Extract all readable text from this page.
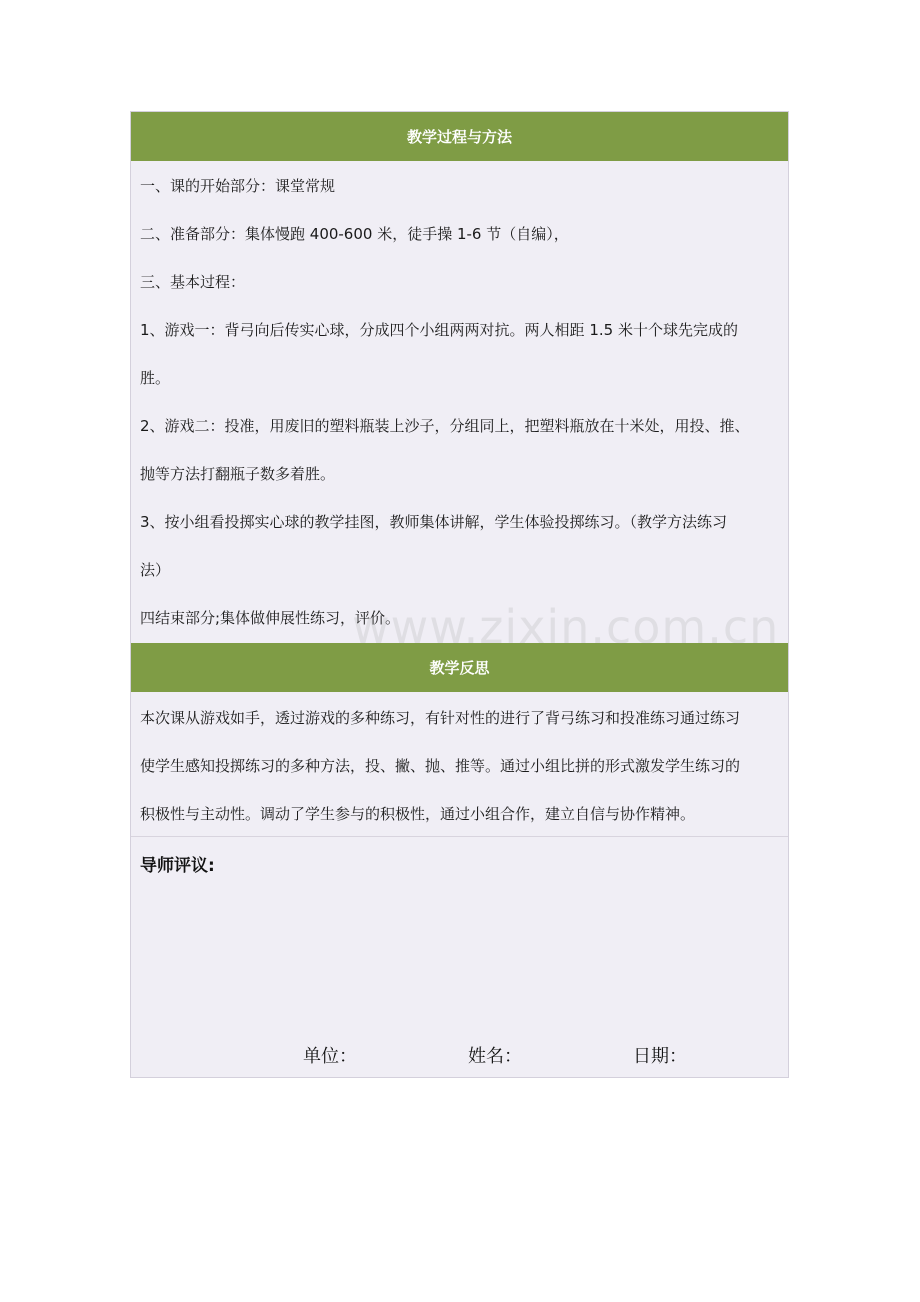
教学过程与方法
一、课的开始部分：课堂常规
二、准备部分：集体慢跑 400-600 米，徒手操 1-6 节（自编），
三、基本过程：
1、游戏一：背弓向后传实心球，分成四个小组两两对抗。两人相距 1.5 米十个球先完成的
胜。
2、游戏二：投准，用废旧的塑料瓶装上沙子，分组同上，把塑料瓶放在十米处，用投、推、
抛等方法打翻瓶子数多着胜。
3、按小组看投掷实心球的教学挂图，教师集体讲解，学生体验投掷练习。（教学方法练习
法）
四结束部分;集体做伸展性练习，评价。
教学反思
本次课从游戏如手，透过游戏的多种练习，有针对性的进行了背弓练习和投准练习通过练习
使学生感知投掷练习的多种方法，投、撇、抛、推等。通过小组比拼的形式激发学生练习的
积极性与主动性。调动了学生参与的积极性，通过小组合作，建立自信与协作精神。
导师评议:
单位：	姓名：	日期：
